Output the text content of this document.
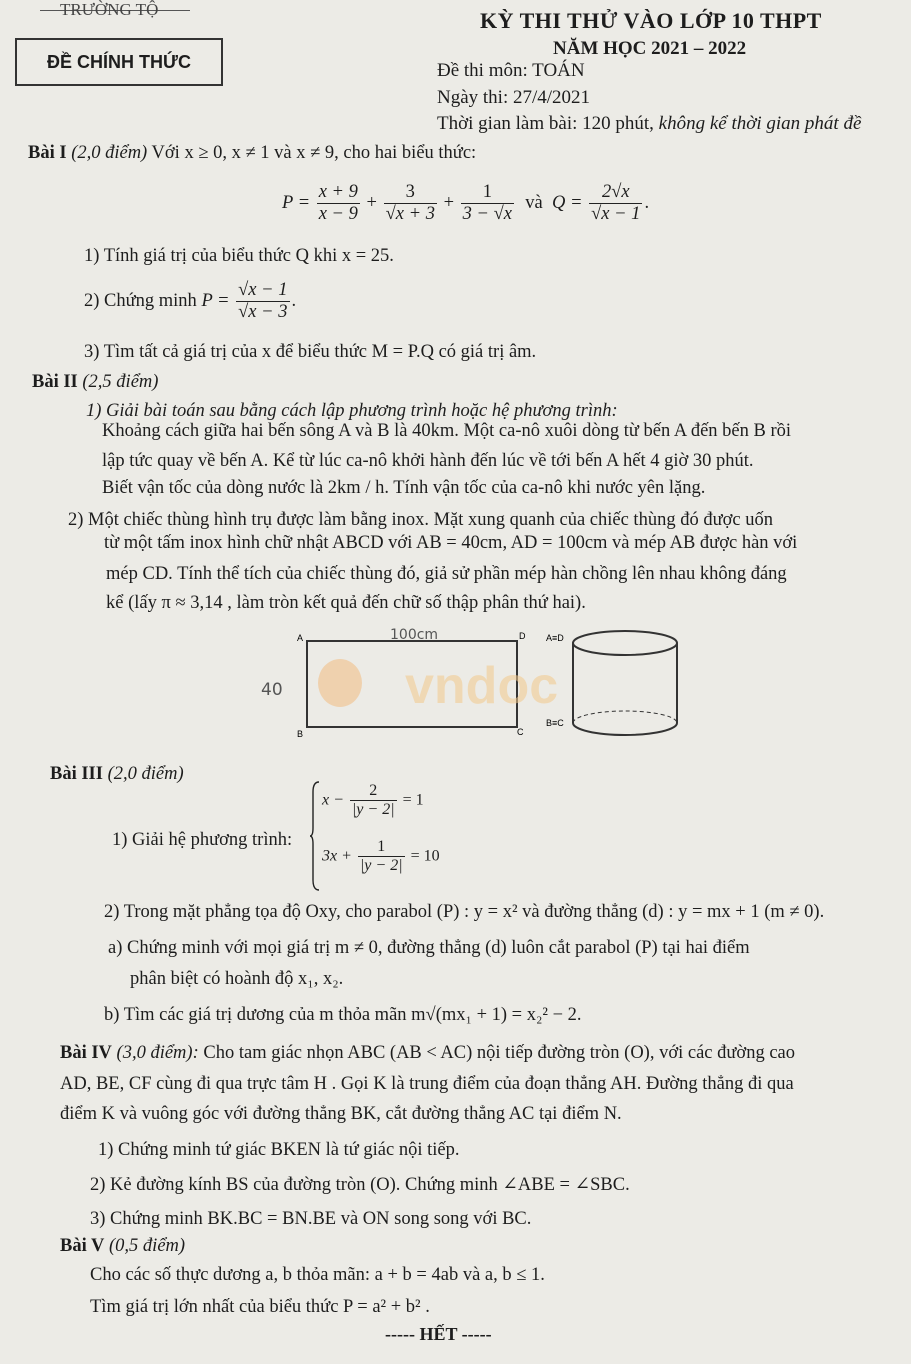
TRƯỜNG TỘ	KỲ THI THỬ VÀO LỚP 10 THPT
NĂM HỌC 2021 – 2022
ĐỀ CHÍNH THỨC	Đề thi môn: TOÁN
Ngày thi: 27/4/2021
Thời gian làm bài: 120 phút, không kể thời gian phát đề
Bài I (2,0 điểm) Với x ≥ 0, x ≠ 1 và x ≠ 9, cho hai biểu thức:
$P = \frac{x + 9}{x - 9} + \frac{3}{√x + 3} + \frac{1}{3 - √x}$ và $Q = \frac{2√x}{√x - 1}$ .
1) Tính giá trị của biểu thức Q khi x = 25.
2) Chứng minh $P = \frac{√x - 1}{√x - 3}$ .
3) Tìm tất cả giá trị của x để biểu thức M = P.Q có giá trị âm.
Bài II (2,5 điểm)
1) Giải bài toán sau bằng cách lập phương trình hoặc hệ phương trình:
Khoảng cách giữa hai bến sông A và B là 40km. Một ca-nô xuôi dòng từ bến A đến bến B rồi
lập tức quay về bến A. Kể từ lúc ca-nô khởi hành đến lúc về tới bến A hết 4 giờ 30 phút.
Biết vận tốc của dòng nước là 2km / h. Tính vận tốc của ca-nô khi nước yên lặng.
2) Một chiếc thùng hình trụ được làm bằng inox. Mặt xung quanh của chiếc thùng đó được uốn
từ một tấm inox hình chữ nhật ABCD với AB = 40cm, AD = 100cm và mép AB được hàn với
mép CD. Tính thể tích của chiếc thùng đó, giả sử phần mép hàn chồng lên nhau không đáng
kể (lấy π ≈ 3,14 , làm tròn kết quả đến chữ số thập phân thứ hai).
A	D
B	C
100cm
40 vndoc
A≡D
B≡C
Bài III (2,0 điểm)
1) Giải hệ phương trình:
$x - \frac{2}{|y - 2|} = 1$
$3x + \frac{1}{|y - 2|} = 10$
2) Trong mặt phẳng tọa độ Oxy, cho parabol (P) : y = x² và đường thẳng (d) : y = mx + 1 (m ≠ 0).
a) Chứng minh với mọi giá trị m ≠ 0, đường thẳng (d) luôn cắt parabol (P) tại hai điểm
phân biệt có hoành độ x₁, x₂.
b) Tìm các giá trị dương của m thỏa mãn m√(mx₁ + 1) = x₂² − 2.
Bài IV (3,0 điểm): Cho tam giác nhọn ABC (AB < AC) nội tiếp đường tròn (O), với các đường cao
AD, BE, CF cùng đi qua trực tâm H . Gọi K là trung điểm của đoạn thẳng AH. Đường thẳng đi qua
điểm K và vuông góc với đường thẳng BK, cắt đường thẳng AC tại điểm N.
1) Chứng minh tứ giác BKEN là tứ giác nội tiếp.
2) Kẻ đường kính BS của đường tròn (O). Chứng minh ∠ABE = ∠SBC.
3) Chứng minh BK.BC = BN.BE và ON song song với BC.
Bài V (0,5 điểm)
Cho các số thực dương a, b thỏa mãn: a + b = 4ab và a, b ≤ 1.
Tìm giá trị lớn nhất của biểu thức P = a² + b² .
----- HẾT -----
